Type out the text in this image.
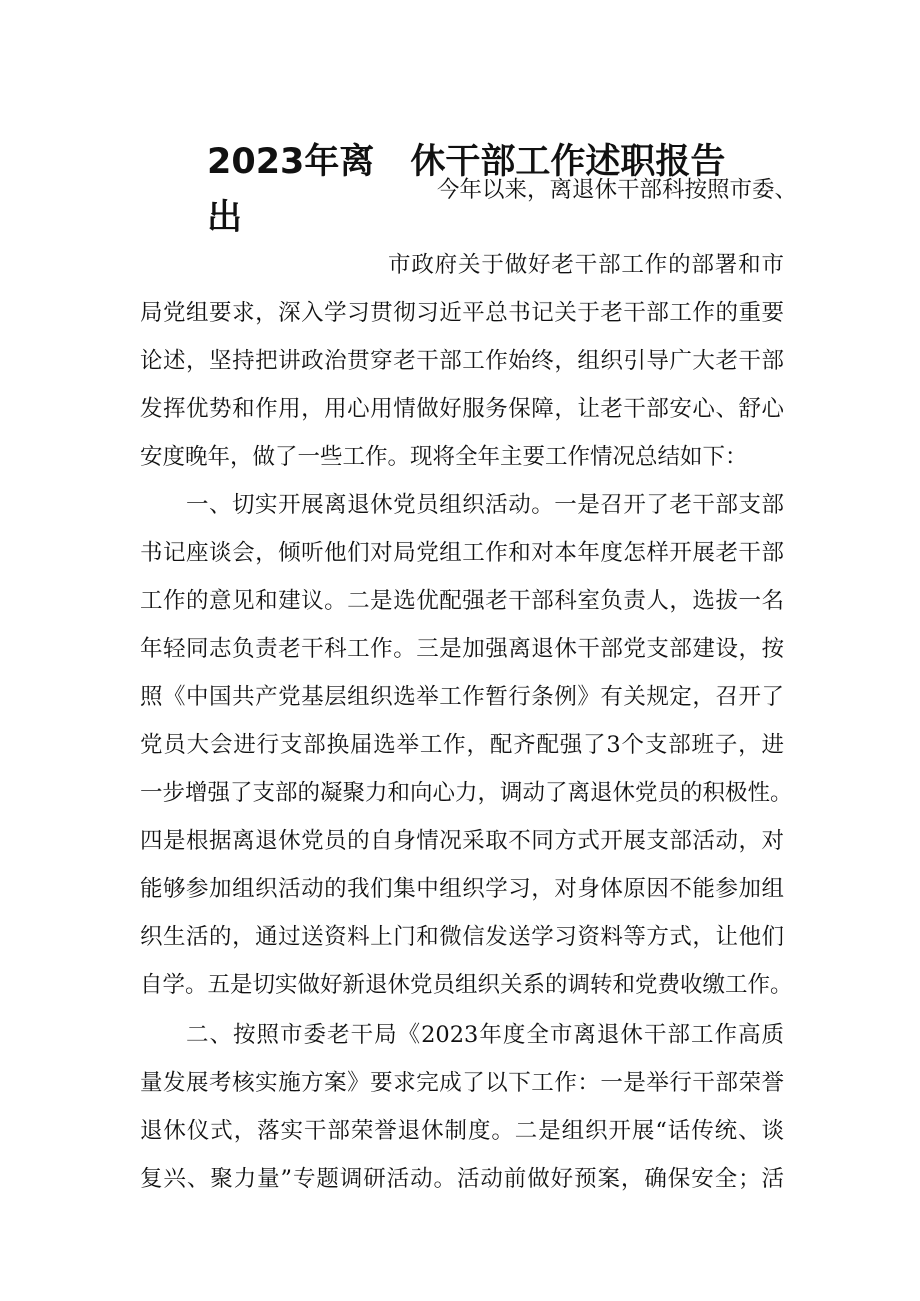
2023年离 休干部工作述职报告
出
今年以来，离退休干部科按照市委、
市政府关于做好老干部工作的部署和市
局党组要求，深入学习贯彻习近平总书记关于老干部工作的重要
论述，坚持把讲政治贯穿老干部工作始终，组织引导广大老干部
发挥优势和作用，用心用情做好服务保障，让老干部安心、舒心
安度晚年，做了一些工作。现将全年主要工作情况总结如下：
一、切实开展离退休党员组织活动。一是召开了老干部支部
书记座谈会，倾听他们对局党组工作和对本年度怎样开展老干部
工作的意见和建议。二是选优配强老干部科室负责人，选拔一名
年轻同志负责老干科工作。三是加强离退休干部党支部建设，按
照《中国共产党基层组织选举工作暂行条例》有关规定，召开了
党员大会进行支部换届选举工作，配齐配强了3个支部班子，进
一步增强了支部的凝聚力和向心力，调动了离退休党员的积极性。
四是根据离退休党员的自身情况采取不同方式开展支部活动，对
能够参加组织活动的我们集中组织学习，对身体原因不能参加组
织生活的，通过送资料上门和微信发送学习资料等方式，让他们
自学。五是切实做好新退休党员组织关系的调转和党费收缴工作。
二、按照市委老干局《2023年度全市离退休干部工作高质
量发展考核实施方案》要求完成了以下工作：一是举行干部荣誉
退休仪式，落实干部荣誉退休制度。二是组织开展“话传统、谈
复兴、聚力量”专题调研活动。活动前做好预案，确保安全；活
